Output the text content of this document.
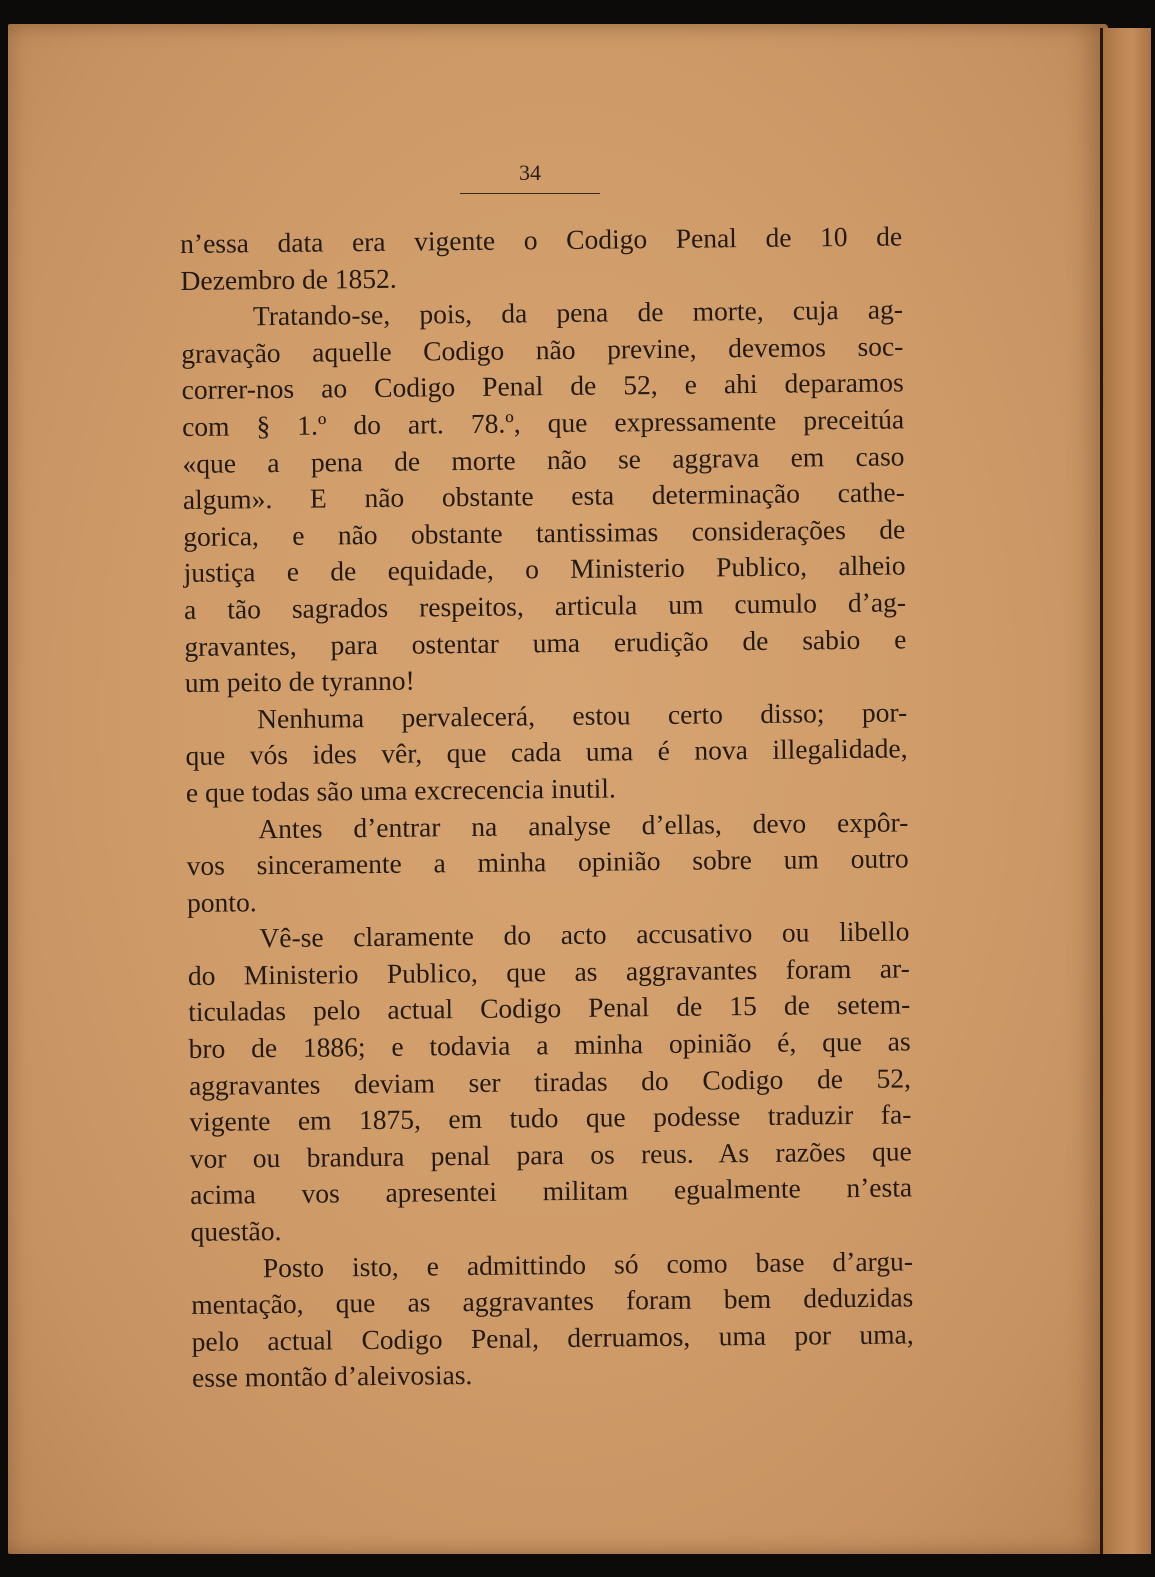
34
n’essa data era vigente o Codigo Penal de 10 de
Dezembro de 1852.
Tratando-se, pois, da pena de morte, cuja ag-
gravação aquelle Codigo não previne, devemos soc-
correr-nos ao Codigo Penal de 52, e ahi deparamos
com § 1.º do art. 78.º, que expressamente preceitúa
«que a pena de morte não se aggrava em caso
algum». E não obstante esta determinação cathe-
gorica, e não obstante tantissimas considerações de
justiça e de equidade, o Ministerio Publico, alheio
a tão sagrados respeitos, articula um cumulo d’ag-
gravantes, para ostentar uma erudição de sabio e
um peito de tyranno!
Nenhuma pervalecerá, estou certo disso; por-
que vós ides vêr, que cada uma é nova illegalidade,
e que todas são uma excrecencia inutil.
Antes d’entrar na analyse d’ellas, devo expôr-
vos sinceramente a minha opinião sobre um outro
ponto.
Vê-se claramente do acto accusativo ou libello
do Ministerio Publico, que as aggravantes foram ar-
ticuladas pelo actual Codigo Penal de 15 de setem-
bro de 1886; e todavia a minha opinião é, que as
aggravantes deviam ser tiradas do Codigo de 52,
vigente em 1875, em tudo que podesse traduzir fa-
vor ou brandura penal para os reus. As razões que
acima vos apresentei militam egualmente n’esta
questão.
Posto isto, e admittindo só como base d’argu-
mentação, que as aggravantes foram bem deduzidas
pelo actual Codigo Penal, derruamos, uma por uma,
esse montão d’aleivosias.
